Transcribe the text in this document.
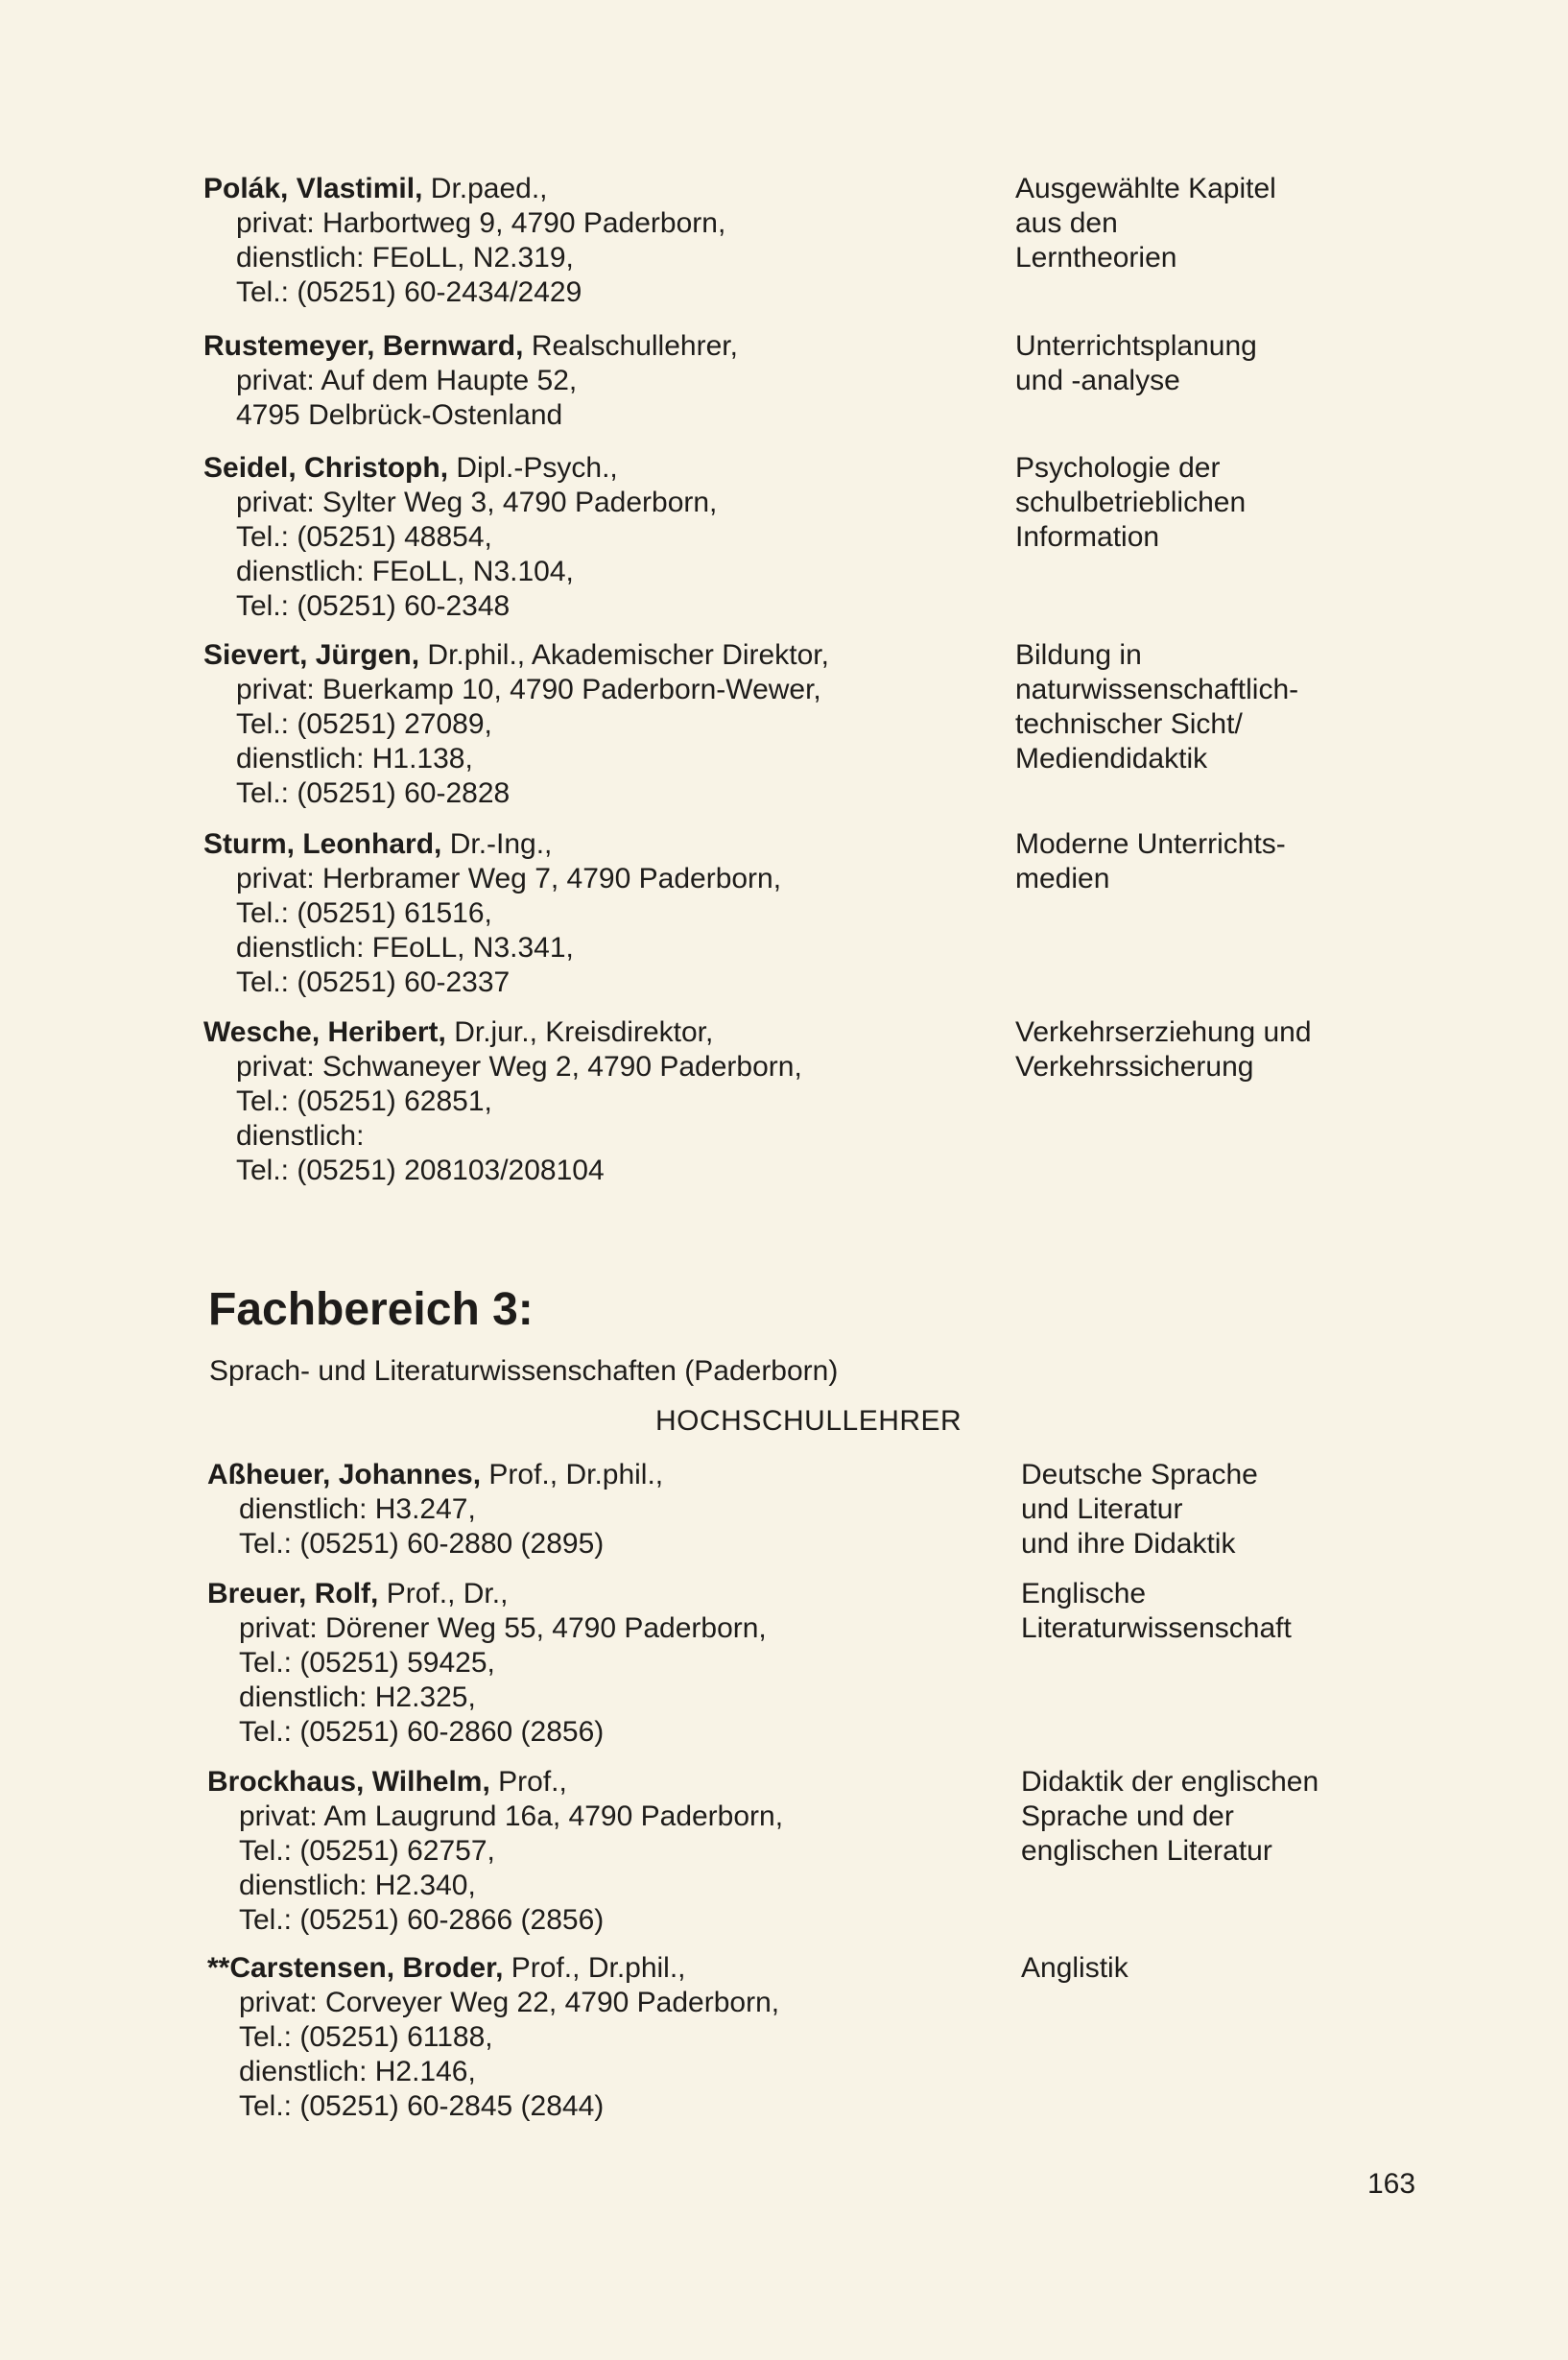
Polák, Vlastimil, Dr.paed.,
privat: Harbortweg 9, 4790 Paderborn,
dienstlich: FEoLL, N2.319,
Tel.: (05251) 60-2434/2429
Ausgewählte Kapitel
aus den
Lerntheorien
Rustemeyer, Bernward, Realschullehrer,
privat: Auf dem Haupte 52,
4795 Delbrück-Ostenland
Unterrichtsplanung
und -analyse
Seidel, Christoph, Dipl.-Psych.,
privat: Sylter Weg 3, 4790 Paderborn,
Tel.: (05251) 48854,
dienstlich: FEoLL, N3.104,
Tel.: (05251) 60-2348
Psychologie der
schulbetrieblichen
Information
Sievert, Jürgen, Dr.phil., Akademischer Direktor,
privat: Buerkamp 10, 4790 Paderborn-Wewer,
Tel.: (05251) 27089,
dienstlich: H1.138,
Tel.: (05251) 60-2828
Bildung in
naturwissenschaftlich-
technischer Sicht/
Mediendidaktik
Sturm, Leonhard, Dr.-Ing.,
privat: Herbramer Weg 7, 4790 Paderborn,
Tel.: (05251) 61516,
dienstlich: FEoLL, N3.341,
Tel.: (05251) 60-2337
Moderne Unterrichts-
medien
Wesche, Heribert, Dr.jur., Kreisdirektor,
privat: Schwaneyer Weg 2, 4790 Paderborn,
Tel.: (05251) 62851,
dienstlich:
Tel.: (05251) 208103/208104
Verkehrserziehung und
Verkehrssicherung
Fachbereich 3:
Sprach- und Literaturwissenschaften (Paderborn)
HOCHSCHULLEHRER
Aßheuer, Johannes, Prof., Dr.phil.,
dienstlich: H3.247,
Tel.: (05251) 60-2880 (2895)
Deutsche Sprache
und Literatur
und ihre Didaktik
Breuer, Rolf, Prof., Dr.,
privat: Dörener Weg 55, 4790 Paderborn,
Tel.: (05251) 59425,
dienstlich: H2.325,
Tel.: (05251) 60-2860 (2856)
Englische
Literaturwissenschaft
Brockhaus, Wilhelm, Prof.,
privat: Am Laugrund 16a, 4790 Paderborn,
Tel.: (05251) 62757,
dienstlich: H2.340,
Tel.: (05251) 60-2866 (2856)
Didaktik der englischen
Sprache und der
englischen Literatur
**Carstensen, Broder, Prof., Dr.phil.,
privat: Corveyer Weg 22, 4790 Paderborn,
Tel.: (05251) 61188,
dienstlich: H2.146,
Tel.: (05251) 60-2845 (2844)
Anglistik
163
